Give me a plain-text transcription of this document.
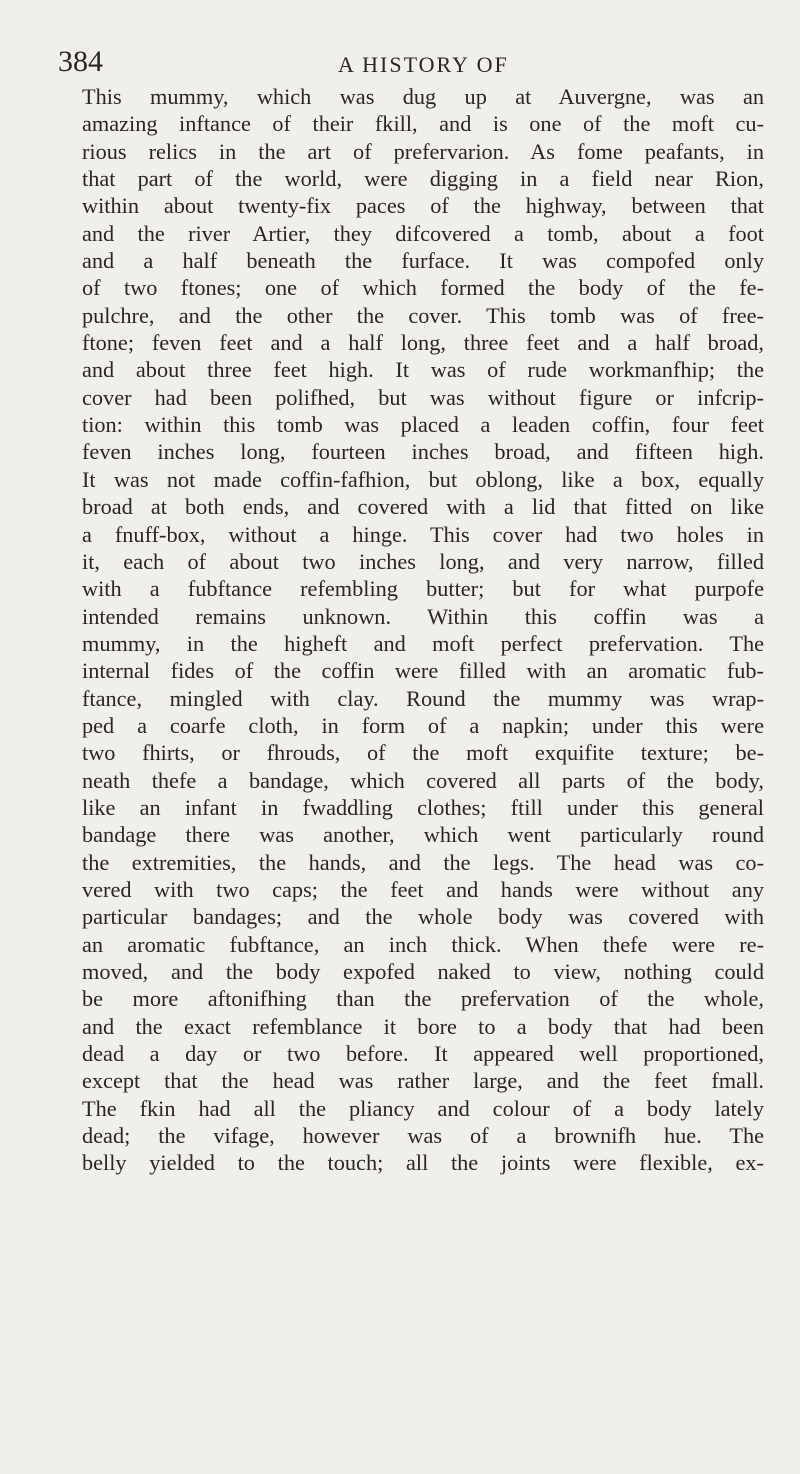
384	A HISTORY OF
This mummy, which was dug up at Auvergne, was an
amazing inftance of their fkill, and is one of the moft cu-
rious relics in the art of prefervarion. As fome peafants, in
that part of the world, were digging in a field near Rion,
within about twenty-fix paces of the highway, between that
and the river Artier, they difcovered a tomb, about a foot
and a half beneath the furface. It was compofed only
of two ftones; one of which formed the body of the fe-
pulchre, and the other the cover. This tomb was of free-
ftone; feven feet and a half long, three feet and a half broad,
and about three feet high. It was of rude workmanfhip; the
cover had been polifhed, but was without figure or infcrip-
tion: within this tomb was placed a leaden coffin, four feet
feven inches long, fourteen inches broad, and fifteen high.
It was not made coffin-fafhion, but oblong, like a box, equally
broad at both ends, and covered with a lid that fitted on like
a fnuff-box, without a hinge. This cover had two holes in
it, each of about two inches long, and very narrow, filled
with a fubftance refembling butter; but for what purpofe
intended remains unknown. Within this coffin was a
mummy, in the higheft and moft perfect prefervation. The
internal fides of the coffin were filled with an aromatic fub-
ftance, mingled with clay. Round the mummy was wrap-
ped a coarfe cloth, in form of a napkin; under this were
two fhirts, or fhrouds, of the moft exquifite texture; be-
neath thefe a bandage, which covered all parts of the body,
like an infant in fwaddling clothes; ftill under this general
bandage there was another, which went particularly round
the extremities, the hands, and the legs. The head was co-
vered with two caps; the feet and hands were without any
particular bandages; and the whole body was covered with
an aromatic fubftance, an inch thick. When thefe were re-
moved, and the body expofed naked to view, nothing could
be more aftonifhing than the prefervation of the whole,
and the exact refemblance it bore to a body that had been
dead a day or two before. It appeared well proportioned,
except that the head was rather large, and the feet fmall.
The fkin had all the pliancy and colour of a body lately
dead; the vifage, however was of a brownifh hue. The
belly yielded to the touch; all the joints were flexible, ex-
